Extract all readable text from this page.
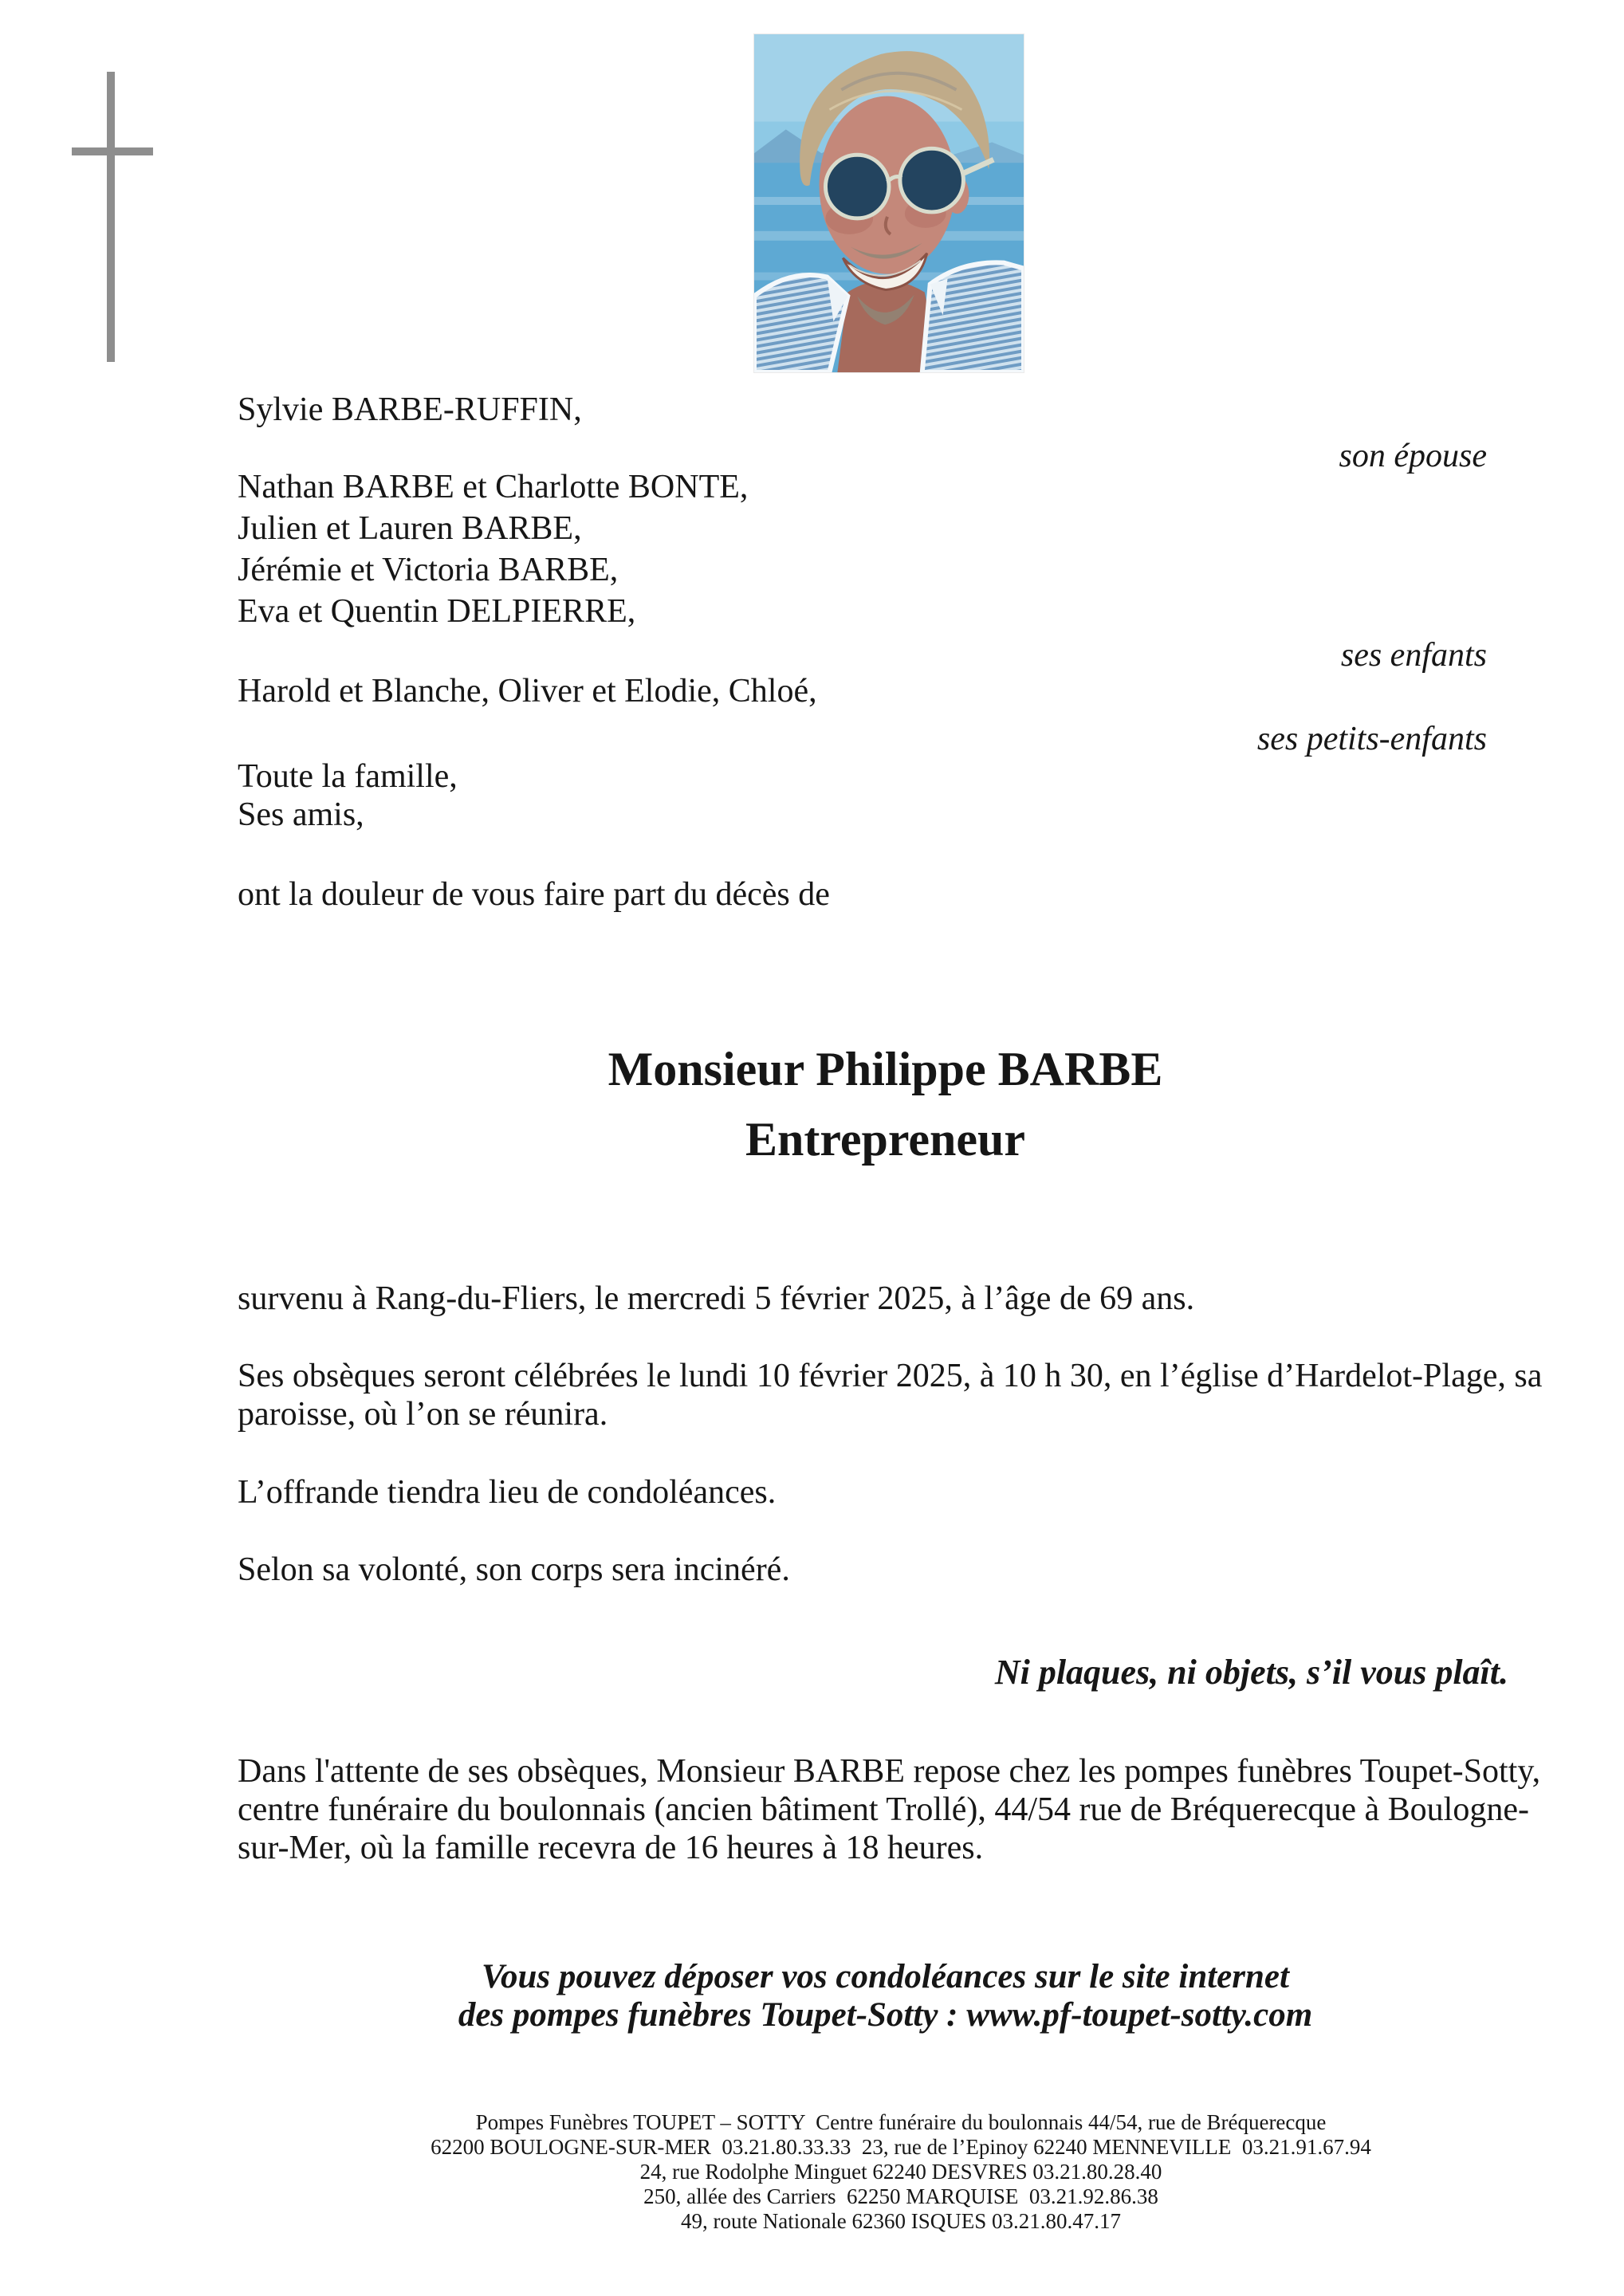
Sylvie BARBE-RUFFIN,
son épouse
Nathan BARBE et Charlotte BONTE,
Julien et Lauren BARBE,
Jérémie et Victoria BARBE,
Eva et Quentin DELPIERRE,
ses enfants
Harold et Blanche, Oliver et Elodie, Chloé,
ses petits-enfants
Toute la famille,
Ses amis,
ont la douleur de vous faire part du décès de
Monsieur Philippe BARBE
Entrepreneur
survenu à Rang-du-Fliers, le mercredi 5 février 2025, à l’âge de 69 ans.
Ses obsèques seront célébrées le lundi 10 février 2025, à 10 h 30, en l’église d’Hardelot-Plage, sa paroisse, où l’on se réunira.
L’offrande tiendra lieu de condoléances.
Selon sa volonté, son corps sera incinéré.
Ni plaques, ni objets, s’il vous plaît.
Dans l'attente de ses obsèques, Monsieur BARBE repose chez les pompes funèbres Toupet-Sotty, centre funéraire du boulonnais (ancien bâtiment Trollé), 44/54 rue de Bréquerecque à Boulogne-sur-Mer, où la famille recevra de 16 heures à 18 heures.
Vous pouvez déposer vos condoléances sur le site internet
des pompes funèbres Toupet-Sotty : www.pf-toupet-sotty.com
Pompes Funèbres TOUPET – SOTTY  Centre funéraire du boulonnais 44/54, rue de Bréquerecque
62200 BOULOGNE-SUR-MER  03.21.80.33.33  23, rue de l’Epinoy 62240 MENNEVILLE  03.21.91.67.94
24, rue Rodolphe Minguet 62240 DESVRES 03.21.80.28.40
250, allée des Carriers  62250 MARQUISE  03.21.92.86.38
49, route Nationale 62360 ISQUES 03.21.80.47.17
